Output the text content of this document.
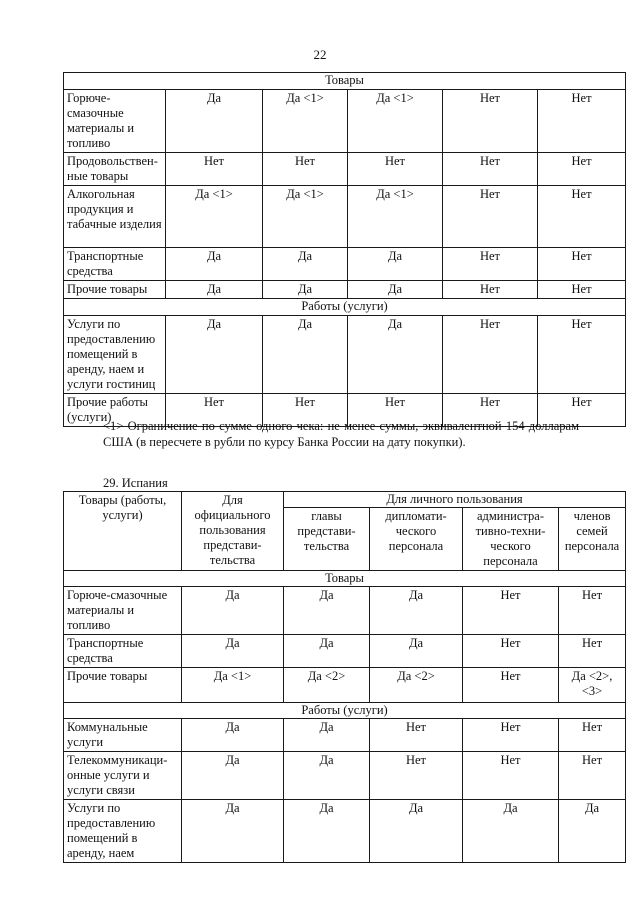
22
Товары					
Горюче-смазочные материалы и топливо	Да	Да <1>	Да <1>	Нет	Нет
Продовольствен-ные товары	Нет	Нет	Нет	Нет	Нет
Алкогольная продукция и табачные изделия	Да <1>	Да <1>	Да <1>	Нет	Нет
Транспортные средства	Да	Да	Да	Нет	Нет
Прочие товары	Да	Да	Да	Нет	Нет
Работы (услуги)					
Услуги по предоставлению помещений в аренду, наем и услуги гостиниц	Да	Да	Да	Нет	Нет
Прочие работы (услуги)	Нет	Нет	Нет	Нет	Нет
<1> Ограничение по сумме одного чека: не менее суммы, эквивалентной 154 долларам США (в пересчете в рубли по курсу Банка России на дату покупки).
29. Испания
Товары (работы, услуги)	Для официального пользования представи-тельства	Для личного пользования			
		главы представи-тельства	дипломати-ческого персонала	администра-тивно-техни-ческого персонала	членов семей персонала
Товары					
Горюче-смазочные материалы и топливо	Да	Да	Да	Нет	Нет
Транспортные средства	Да	Да	Да	Нет	Нет
Прочие товары	Да <1>	Да <2>	Да <2>	Нет	Да <2>, <3>
Работы (услуги)					
Коммунальные услуги	Да	Да	Нет	Нет	Нет
Телекоммуникаци-онные услуги и услуги связи	Да	Да	Нет	Нет	Нет
Услуги по предоставлению помещений в аренду, наем	Да	Да	Да	Да	Да
